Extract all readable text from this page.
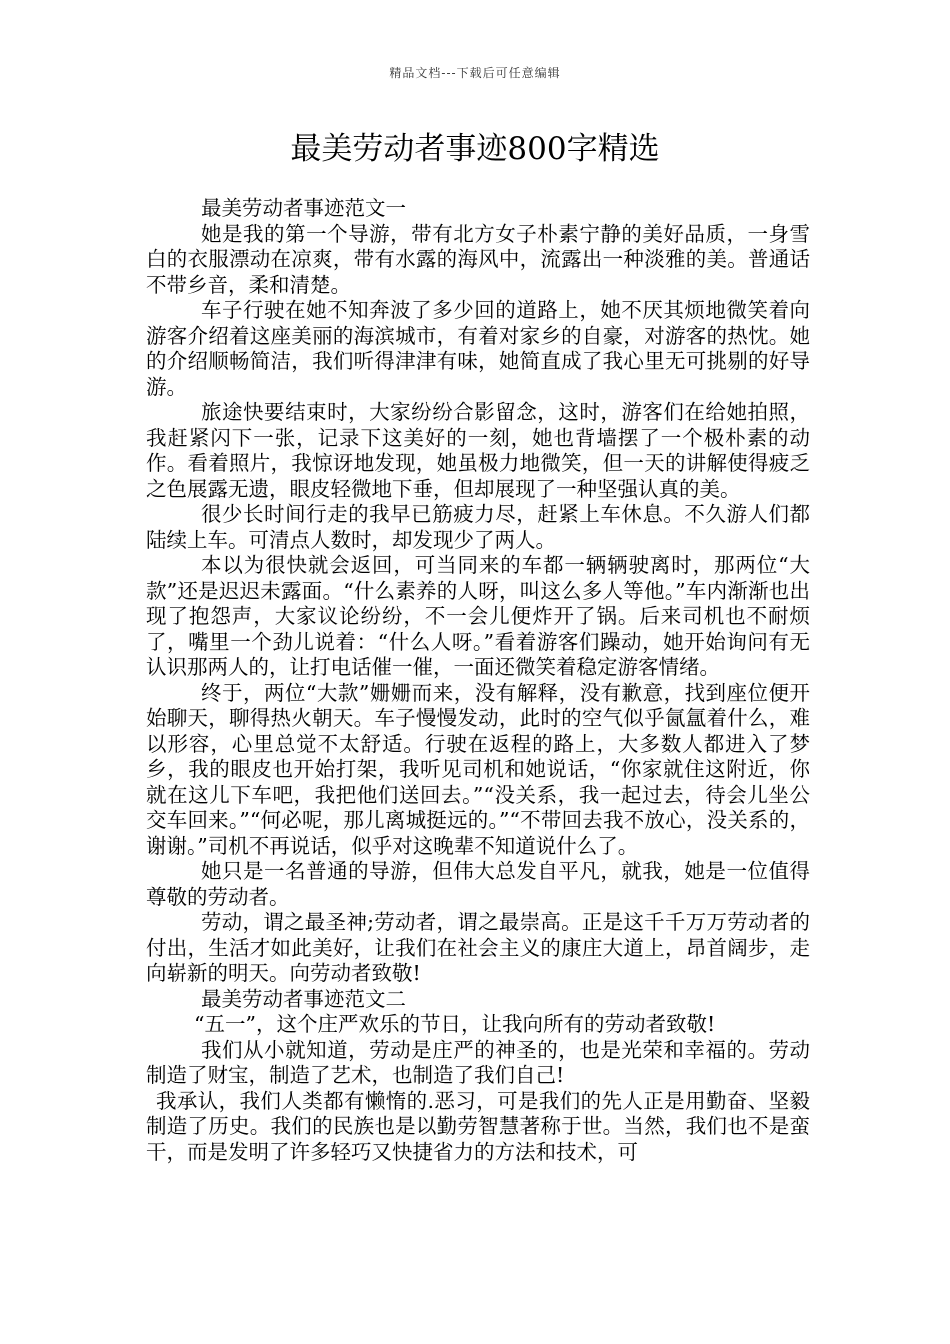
精品文档---下载后可任意编辑
最美劳动者事迹800字精选

最美劳动者事迹范文一

她是我的第一个导游，带有北方女子朴素宁静的美好品质，一身雪白的衣服漂动在凉爽，带有水露的海风中，流露出一种淡雅的美。普通话不带乡音，柔和清楚。

车子行驶在她不知奔波了多少回的道路上，她不厌其烦地微笑着向游客介绍着这座美丽的海滨城市，有着对家乡的自豪，对游客的热忱。她的介绍顺畅简洁，我们听得津津有味，她简直成了我心里无可挑剔的好导游。

旅途快要结束时，大家纷纷合影留念，这时，游客们在给她拍照，我赶紧闪下一张，记录下这美好的一刻，她也背墙摆了一个极朴素的动作。看着照片，我惊讶地发现，她虽极力地微笑，但一天的讲解使得疲乏之色展露无遗，眼皮轻微地下垂，但却展现了一种坚强认真的美。

很少长时间行走的我早已筋疲力尽，赶紧上车休息。不久游人们都陆续上车。可清点人数时，却发现少了两人。

本以为很快就会返回，可当同来的车都一辆辆驶离时，那两位“大款”还是迟迟未露面。“什么素养的人呀，叫这么多人等他。”车内渐渐也出现了抱怨声，大家议论纷纷，不一会儿便炸开了锅。后来司机也不耐烦了，嘴里一个劲儿说着：“什么人呀。”看着游客们躁动，她开始询问有无认识那两人的，让打电话催一催，一面还微笑着稳定游客情绪。

终于，两位“大款”姗姗而来，没有解释，没有歉意，找到座位便开始聊天，聊得热火朝天。车子慢慢发动，此时的空气似乎氤氲着什么，难以形容，心里总觉不太舒适。行驶在返程的路上，大多数人都进入了梦乡，我的眼皮也开始打架，我听见司机和她说话，“你家就住这附近，你就在这儿下车吧，我把他们送回去。”“没关系，我一起过去，待会儿坐公交车回来。”“何必呢，那儿离城挺远的。”“不带回去我不放心，没关系的，谢谢。”司机不再说话，似乎对这晚辈不知道说什么了。

她只是一名普通的导游，但伟大总发自平凡，就我，她是一位值得尊敬的劳动者。

劳动，谓之最圣神;劳动者，谓之最崇高。正是这千千万万劳动者的付出，生活才如此美好，让我们在社会主义的康庄大道上，昂首阔步，走向崭新的明天。向劳动者致敬!

最美劳动者事迹范文二

“五一”，这个庄严欢乐的节日，让我向所有的劳动者致敬!

我们从小就知道，劳动是庄严的神圣的，也是光荣和幸福的。劳动制造了财宝，制造了艺术，也制造了我们自己!

我承认，我们人类都有懒惰的.恶习，可是我们的先人正是用勤奋、坚毅制造了历史。我们的民族也是以勤劳智慧著称于世。当然，我们也不是蛮干，而是发明了许多轻巧又快捷省力的方法和技术，可
